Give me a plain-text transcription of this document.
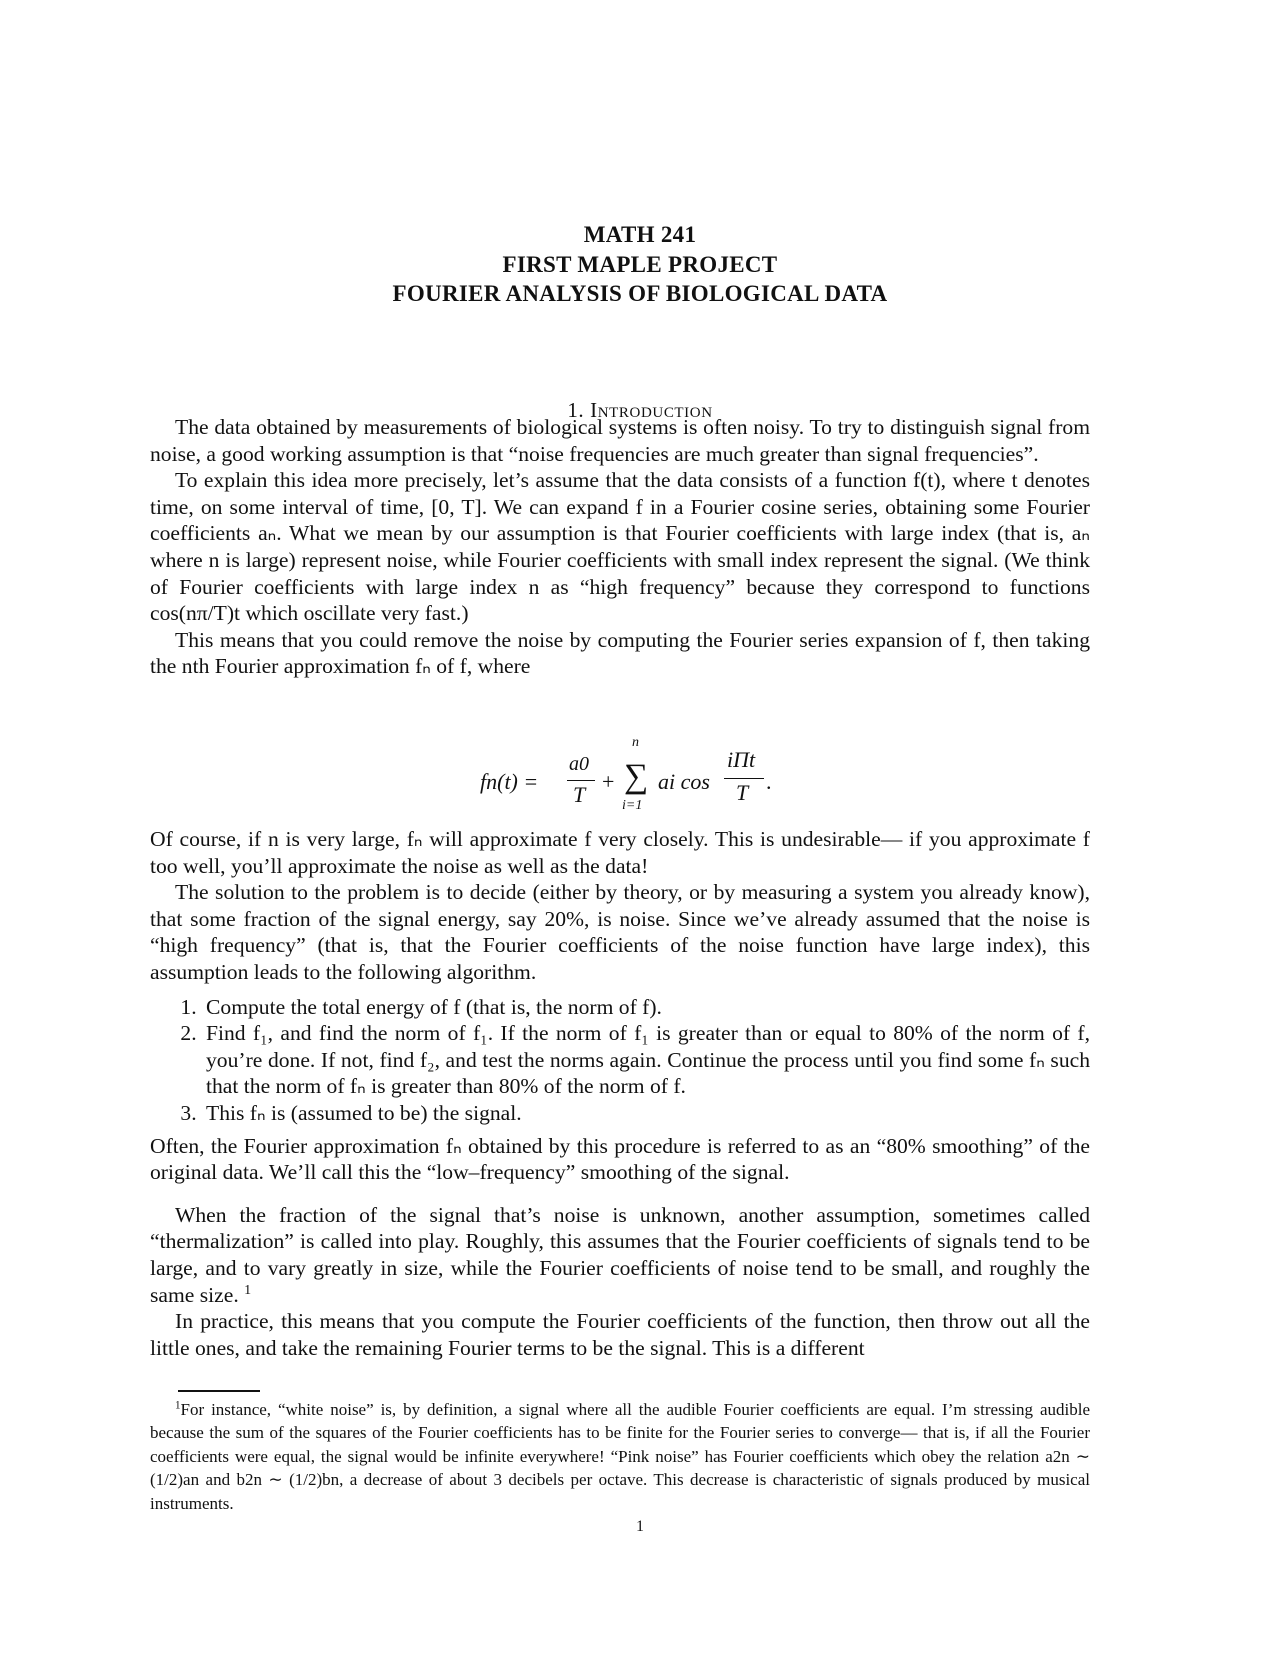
MATH 241
FIRST MAPLE PROJECT
FOURIER ANALYSIS OF BIOLOGICAL DATA
1. Introduction

The data obtained by measurements of biological systems is often noisy. To try to distinguish signal from noise, a good working assumption is that “noise frequencies are much greater than signal frequencies”.

To explain this idea more precisely, let’s assume that the data consists of a function f(t), where t denotes time, on some interval of time, [0, T]. We can expand f in a Fourier cosine series, obtaining some Fourier coefficients aₙ. What we mean by our assumption is that Fourier coefficients with large index (that is, aₙ where n is large) represent noise, while Fourier coefficients with small index represent the signal. (We think of Fourier coefficients with large index n as “high frequency” because they correspond to functions cos(nπ/T)t which oscillate very fast.)

This means that you could remove the noise by computing the Fourier series expansion of f, then taking the nth Fourier approximation fₙ of f, where

fn(t) =
a0
T
+
n
∑
i=1
ai cos
iΠt
T .

Of course, if n is very large, fₙ will approximate f very closely. This is undesirable— if you approximate f too well, you’ll approximate the noise as well as the data!

The solution to the problem is to decide (either by theory, or by measuring a system you already know), that some fraction of the signal energy, say 20%, is noise. Since we’ve already assumed that the noise is “high frequency” (that is, that the Fourier coefficients of the noise function have large index), this assumption leads to the following algorithm.

1. Compute the total energy of f (that is, the norm of f).
2. Find f₁, and find the norm of f₁. If the norm of f₁ is greater than or equal to 80% of the norm of f, you’re done. If not, find f₂, and test the norms again. Continue the process until you find some fₙ such that the norm of fₙ is greater than 80% of the norm of f.
3. This fₙ is (assumed to be) the signal.

Often, the Fourier approximation fₙ obtained by this procedure is referred to as an “80% smoothing” of the original data. We’ll call this the “low–frequency” smoothing of the signal.

When the fraction of the signal that’s noise is unknown, another assumption, sometimes called “thermalization” is called into play. Roughly, this assumes that the Fourier coefficients of signals tend to be large, and to vary greatly in size, while the Fourier coefficients of noise tend to be small, and roughly the same size. $^1$

In practice, this means that you compute the Fourier coefficients of the function, then throw out all the little ones, and take the remaining Fourier terms to be the signal. This is a different

$^1$For instance, “white noise” is, by definition, a signal where all the audible Fourier coefficients are equal. I’m stressing audible because the sum of the squares of the Fourier coefficients has to be finite for the Fourier series to converge— that is, if all the Fourier coefficients were equal, the signal would be infinite everywhere! “Pink noise” has Fourier coefficients which obey the relation a2n ∼ (1/2)an and b2n ∼ (1/2)bn, a decrease of about 3 decibels per octave. This decrease is characteristic of signals produced by musical instruments.

1
